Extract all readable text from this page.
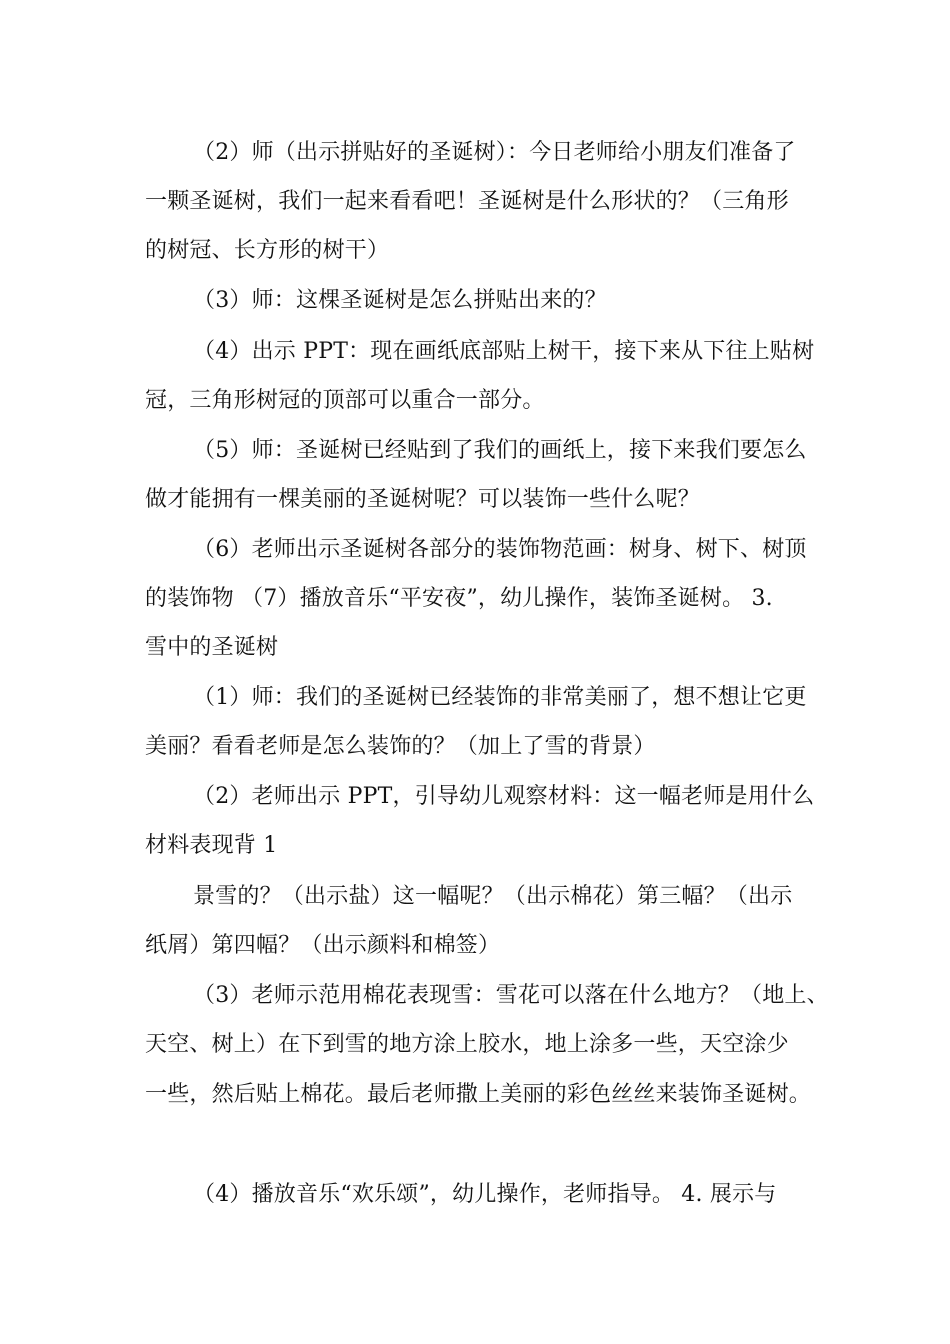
（2）师（出示拼贴好的圣诞树）：今日老师给小朋友们准备了
一颗圣诞树，我们一起来看看吧！圣诞树是什么形状的？（三角形
的树冠、长方形的树干）
（3）师：这棵圣诞树是怎么拼贴出来的？
（4）出示 PPT：现在画纸底部贴上树干，接下来从下往上贴树
冠，三角形树冠的顶部可以重合一部分。
（5）师：圣诞树已经贴到了我们的画纸上，接下来我们要怎么
做才能拥有一棵美丽的圣诞树呢？可以装饰一些什么呢？
（6）老师出示圣诞树各部分的装饰物范画：树身、树下、树顶
的装饰物 （7）播放音乐“平安夜”，幼儿操作，装饰圣诞树。 3.
雪中的圣诞树
（1）师：我们的圣诞树已经装饰的非常美丽了，想不想让它更
美丽？看看老师是怎么装饰的？（加上了雪的背景）
（2）老师出示 PPT，引导幼儿观察材料：这一幅老师是用什么
材料表现背 1
景雪的？（出示盐）这一幅呢？（出示棉花）第三幅？（出示
纸屑）第四幅？（出示颜料和棉签）
（3）老师示范用棉花表现雪：雪花可以落在什么地方？（地上、
天空、树上）在下到雪的地方涂上胶水，地上涂多一些，天空涂少
一些，然后贴上棉花。最后老师撒上美丽的彩色丝丝来装饰圣诞树。
（4）播放音乐“欢乐颂”，幼儿操作，老师指导。 4. 展示与
